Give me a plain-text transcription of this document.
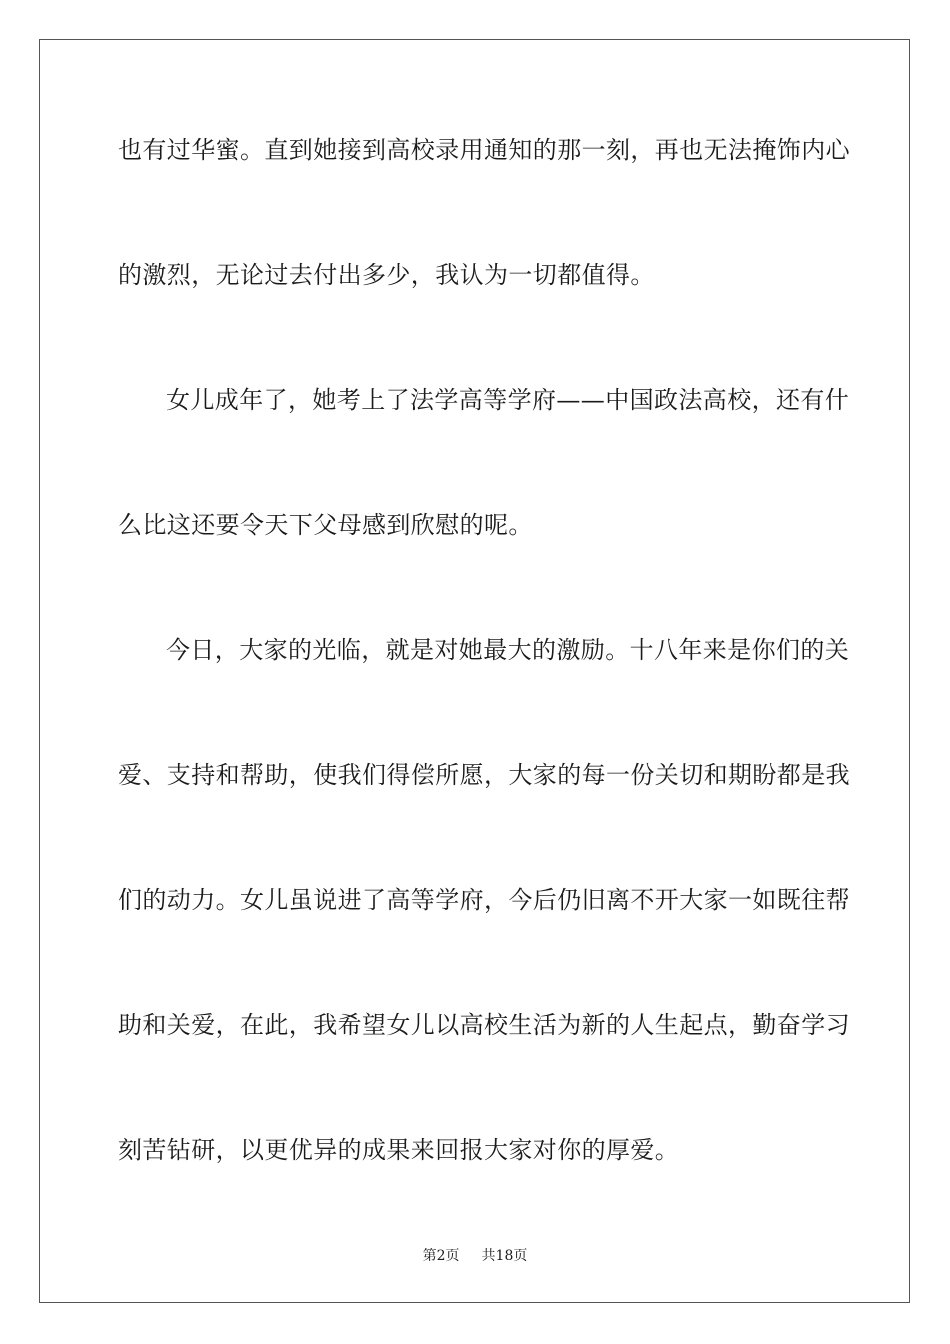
也有过华蜜。直到她接到高校录用通知的那一刻，再也无法掩饰内心
的激烈，无论过去付出多少，我认为一切都值得。
女儿成年了，她考上了法学高等学府——中国政法高校，还有什
么比这还要令天下父母感到欣慰的呢。
今日，大家的光临，就是对她最大的激励。十八年来是你们的关
爱、支持和帮助，使我们得偿所愿，大家的每一份关切和期盼都是我
们的动力。女儿虽说进了高等学府，今后仍旧离不开大家一如既往帮
助和关爱，在此，我希望女儿以高校生活为新的人生起点，勤奋学习
刻苦钻研，以更优异的成果来回报大家对你的厚爱。
第2页 共18页
